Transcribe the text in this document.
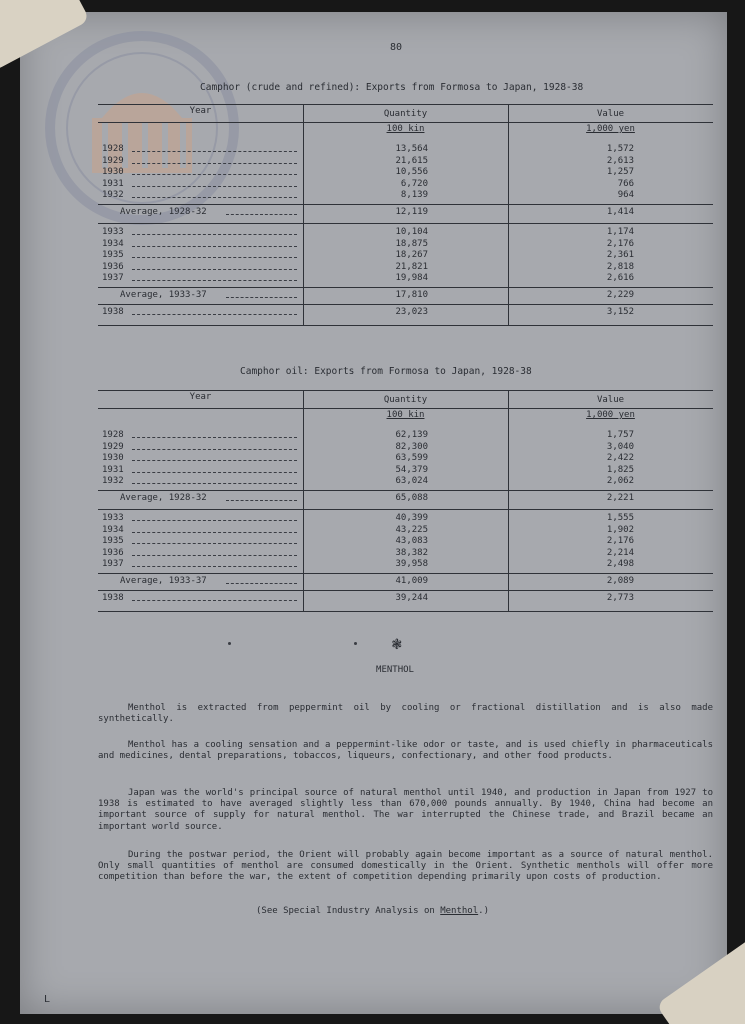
80
Camphor (crude and refined): Exports from Formosa to Japan, 1928-38
Camphor oil: Exports from Formosa to Japan, 1928-38
❃
MENTHOL
Menthol is extracted from peppermint oil by cooling or fractional distillation and is also made synthetically.
Menthol has a cooling sensation and a peppermint-like odor or taste, and is used chiefly in pharmaceuticals and medicines, dental preparations, tobaccos, liqueurs, confectionary, and other food products.
Japan was the world's principal source of natural menthol until 1940, and production in Japan from 1927 to 1938 is estimated to have averaged slightly less than 670,000 pounds annually. By 1940, China had become an important source of supply for natural menthol. The war interrupted the Chinese trade, and Brazil became an important world source.
During the postwar period, the Orient will probably again become important as a source of natural menthol. Only small quantities of menthol are consumed domestically in the Orient. Synthetic menthols will offer more competition than before the war, the extent of competition depending primarily upon costs of production.
(See Special Industry Analysis on Menthol.)
L
Year	Quantity	Value
100 kin	1,000 yen
1928	13,564	1,572
1929	21,615	2,613
1930	10,556	1,257
1931	6,720	766
1932	8,139	964
Average, 1928-32	12,119	1,414
1933	10,104	1,174
1934	18,875	2,176
1935	18,267	2,361
1936	21,821	2,818
1937	19,984	2,616
Average, 1933-37	17,810	2,229
1938	23,023	3,152
Year	Quantity	Value
100 kin	1,000 yen
1928	62,139	1,757
1929	82,300	3,040
1930	63,599	2,422
1931	54,379	1,825
1932	63,024	2,062
Average, 1928-32	65,088	2,221
1933	40,399	1,555
1934	43,225	1,902
1935	43,083	2,176
1936	38,382	2,214
1937	39,958	2,498
Average, 1933-37	41,009	2,089
1938	39,244	2,773
